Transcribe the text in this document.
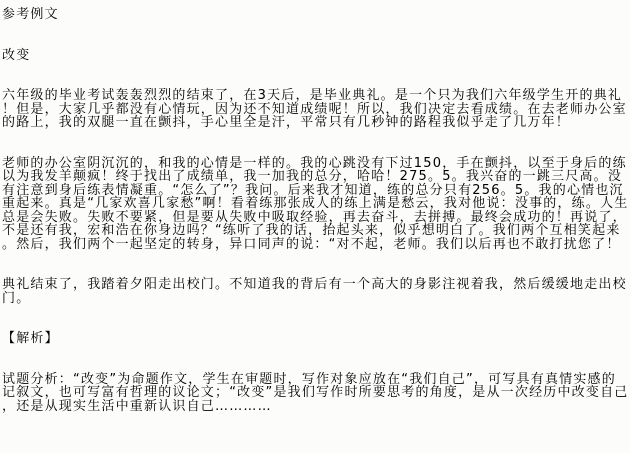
参考例文
改变
六年级的毕业考试轰轰烈烈的结束了，在3天后，是毕业典礼。是一个只为我们六年级学生开的典礼！但是，大家几乎都没有心情玩，因为还不知道成绩呢！所以，我们决定去看成绩。在去老师办公室的路上，我的双腿一直在颤抖，手心里全是汗，平常只有几秒钟的路程我似乎走了几万年！
老师的办公室阴沉沉的，和我的心情是一样的。我的心跳没有下过150，手在颤抖，以至于身后的练以为我发羊颠疯！终于找出了成绩单，我一加我的总分，哈哈！275。5。我兴奋的一跳三尺高。没有注意到身后练表情凝重。“怎么了”？我问。后来我才知道，练的总分只有256。5。我的心情也沉重起来。真是“几家欢喜几家愁”啊！看着练那张成人的练上满是愁云，我对他说：没事的，练。人生总是会失败。失败不要紧，但是要从失败中吸取经验，再去奋斗，去拼搏。最终会成功的！再说了，不是还有我，宏和浩在你身边吗？“练听了我的话，抬起头来，似乎想明白了。我们两个互相笑起来。然后，我们两个一起坚定的转身，异口同声的说：“对不起，老师。我们以后再也不敢打扰您了！
典礼结束了，我踏着夕阳走出校门。不知道我的背后有一个高大的身影注视着我，然后缓缓地走出校门。
【解析】
试题分析：“改变”为命题作文，学生在审题时，写作对象应放在“我们自己”，可写具有真情实感的记叙文，也可写富有哲理的议论文；“改变”是我们写作时所要思考的角度，是从一次经历中改变自己，还是从现实生活中重新认识自己…………
